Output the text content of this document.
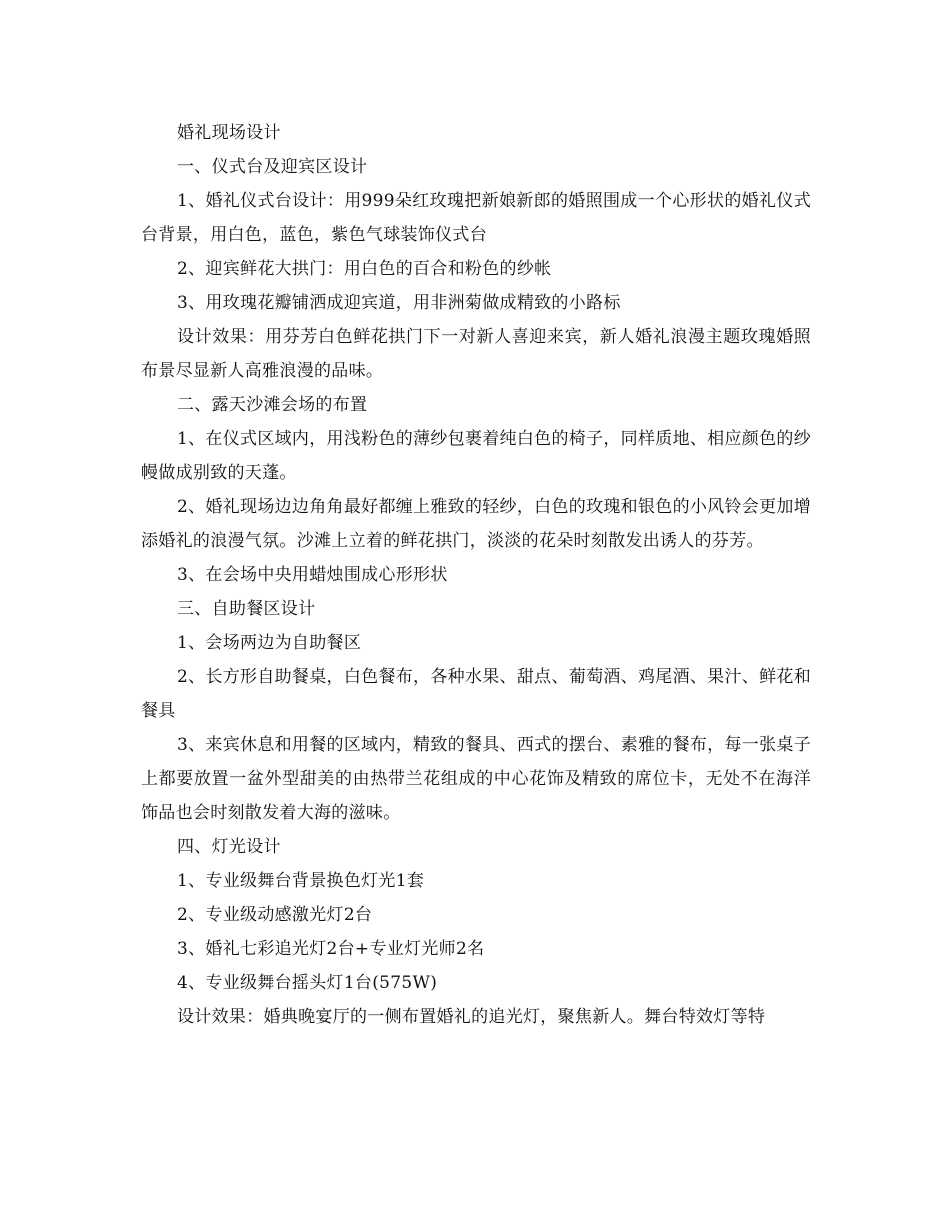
婚礼现场设计

一、仪式台及迎宾区设计

1、婚礼仪式台设计：用999朵红玫瑰把新娘新郎的婚照围成一个心形状的婚礼仪式台背景，用白色，蓝色，紫色气球装饰仪式台

2、迎宾鲜花大拱门：用白色的百合和粉色的纱帐

3、用玫瑰花瓣铺洒成迎宾道，用非洲菊做成精致的小路标

设计效果：用芬芳白色鲜花拱门下一对新人喜迎来宾，新人婚礼浪漫主题玫瑰婚照布景尽显新人高雅浪漫的品味。

二、露天沙滩会场的布置

1、在仪式区域内，用浅粉色的薄纱包裹着纯白色的椅子，同样质地、相应颜色的纱幔做成别致的天蓬。

2、婚礼现场边边角角最好都缠上雅致的轻纱，白色的玫瑰和银色的小风铃会更加增添婚礼的浪漫气氛。沙滩上立着的鲜花拱门，淡淡的花朵时刻散发出诱人的芬芳。

3、在会场中央用蜡烛围成心形形状

三、自助餐区设计

1、会场两边为自助餐区

2、长方形自助餐桌，白色餐布，各种水果、甜点、葡萄酒、鸡尾酒、果汁、鲜花和餐具

3、来宾休息和用餐的区域内，精致的餐具、西式的摆台、素雅的餐布，每一张桌子上都要放置一盆外型甜美的由热带兰花组成的中心花饰及精致的席位卡，无处不在海洋饰品也会时刻散发着大海的滋味。

四、灯光设计

1、专业级舞台背景换色灯光1套

2、专业级动感激光灯2台

3、婚礼七彩追光灯2台+专业灯光师2名

4、专业级舞台摇头灯1台(575W)

设计效果：婚典晚宴厅的一侧布置婚礼的追光灯，聚焦新人。舞台特效灯等特
